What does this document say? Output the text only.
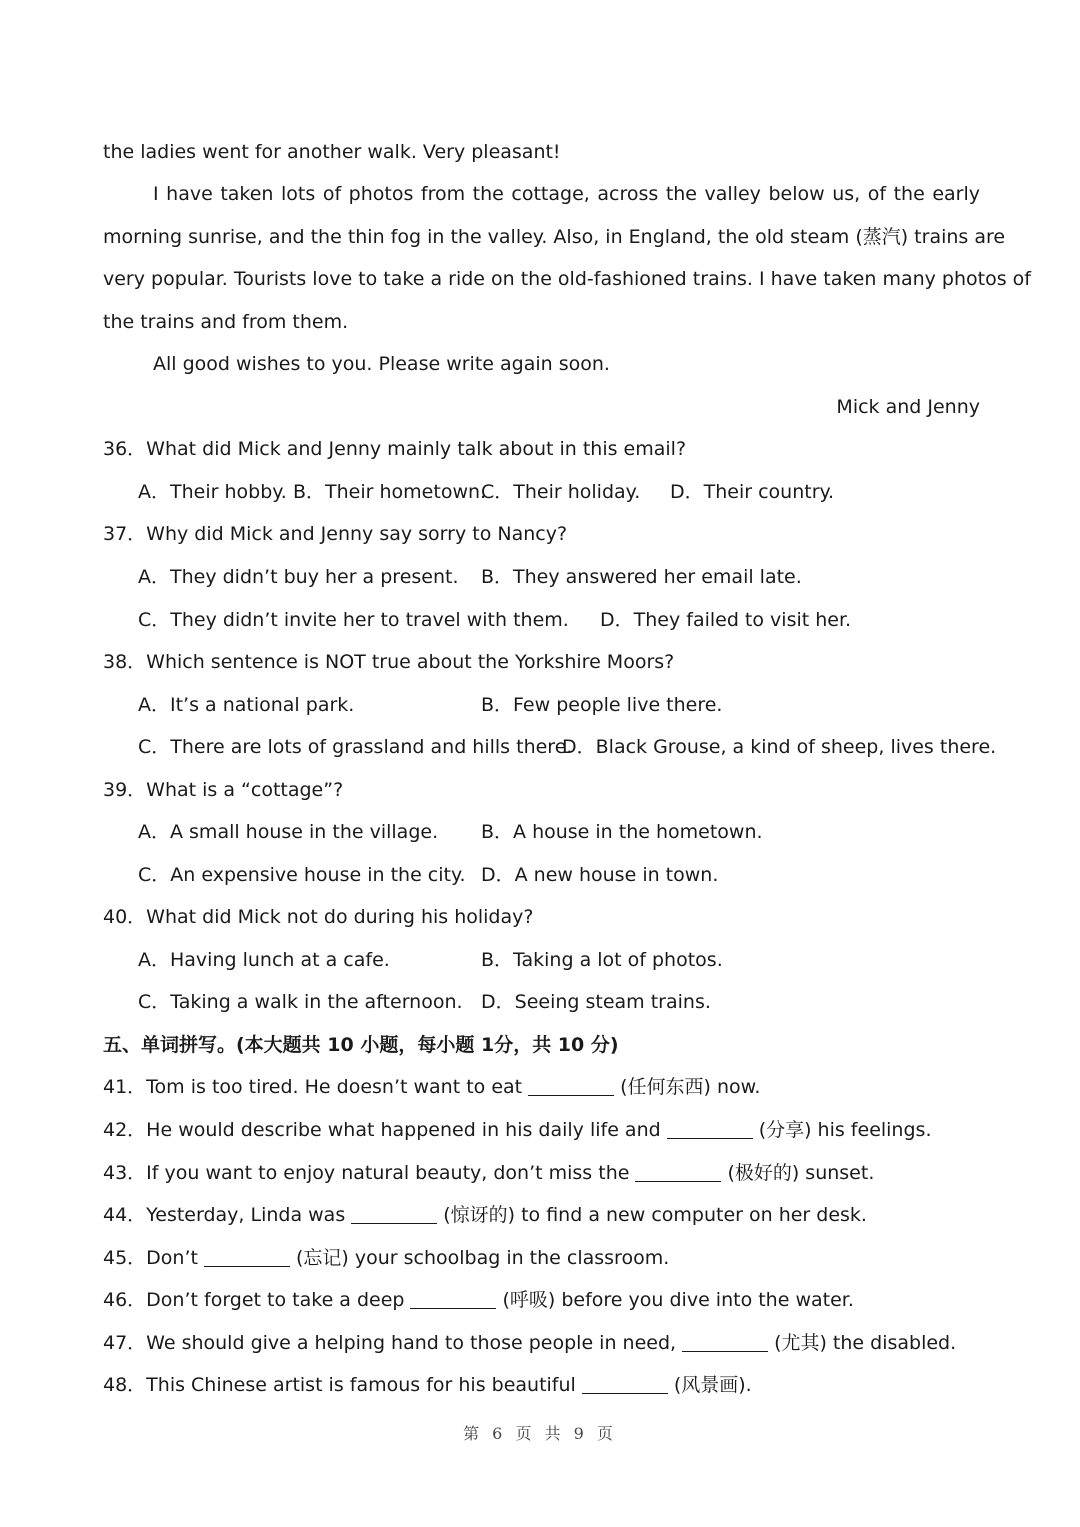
the ladies went for another walk. Very pleasant!
I have taken lots of photos from the cottage, across the valley below us, of the early
morning sunrise, and the thin fog in the valley. Also, in England, the old steam (蒸汽) trains are
very popular. Tourists love to take a ride on the old-fashioned trains. I have taken many photos of
the trains and from them.
All good wishes to you. Please write again soon.
Mick and Jenny
36．What did Mick and Jenny mainly talk about in this email?
A．Their hobby. B．Their hometown.
C．Their holiday. D．Their country.
37．Why did Mick and Jenny say sorry to Nancy?
A．They didn’t buy her a present. B．They answered her email late.
C．They didn’t invite her to travel with them. D．They failed to visit her.
38．Which sentence is NOT true about the Yorkshire Moors?
A．It’s a national park.	B．Few people live there.
C．There are lots of grassland and hills there.
D．Black Grouse, a kind of sheep, lives there.
39．What is a “cottage”?
A．A small house in the village. B．A house in the hometown.
C．An expensive house in the city. D．A new house in town.
40．What did Mick not do during his holiday?
A．Having lunch at a cafe.	B．Taking a lot of photos.
C．Taking a walk in the afternoon. D．Seeing steam trains.
五、单词拼写。(本大题共 10 小题，每小题 1分，共 10 分)
41．Tom is too tired. He doesn’t want to eat	(任何东西) now.
42．He would describe what happened in his daily life and	(分享) his feelings.
43．If you want to enjoy natural beauty, don’t miss the	(极好的) sunset.
44．Yesterday, Linda was	(惊讶的) to find a new computer on her desk.
45．Don’t	(忘记) your schoolbag in the classroom.
46．Don’t forget to take a deep	(呼吸) before you dive into the water.
47．We should give a helping hand to those people in need,	(尤其) the disabled.
48．This Chinese artist is famous for his beautiful	(风景画).
第 6 页 共 9 页
